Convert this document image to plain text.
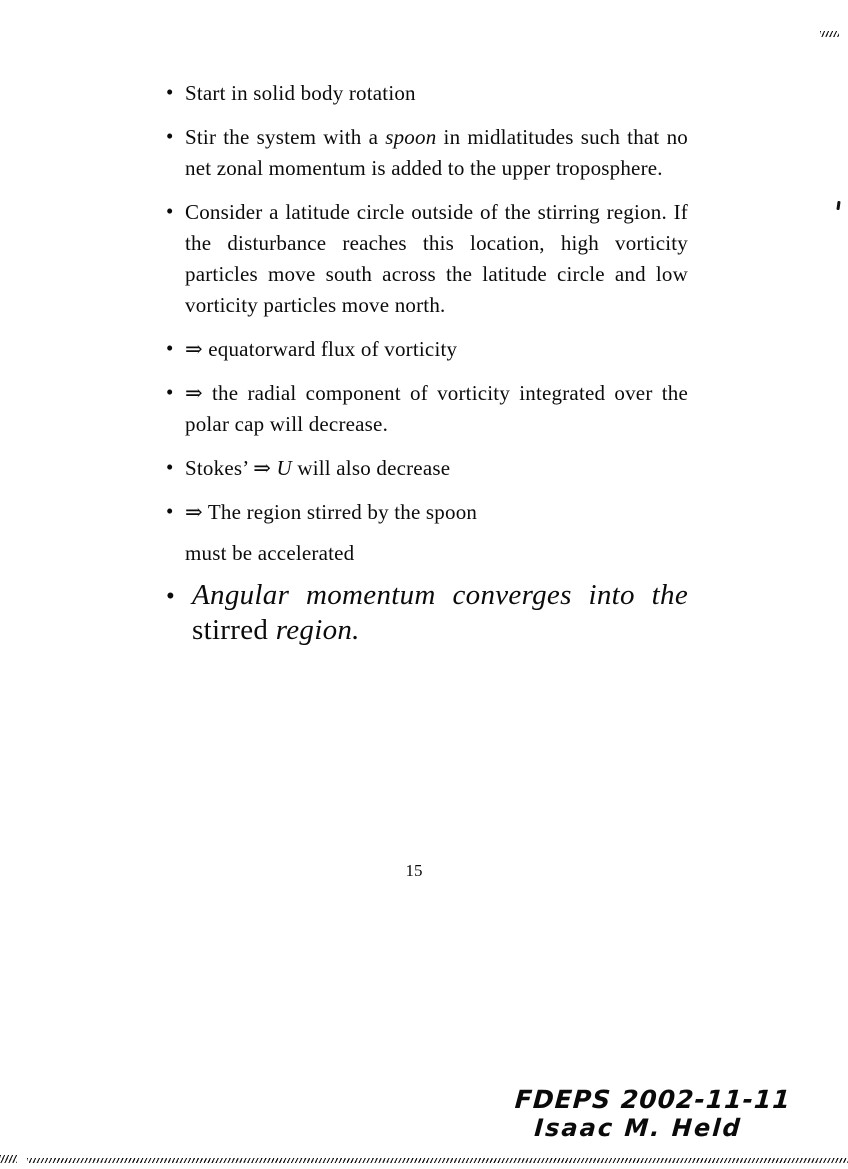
• Start in solid body rotation
• Stir the system with a spoon in midlatitudes such that no net zonal momentum is added to the upper troposphere.
• Consider a latitude circle outside of the stirring region. If the disturbance reaches this location, high vorticity particles move south across the latitude circle and low vorticity particles move north.
• ⇒ equatorward flux of vorticity
• ⇒ the radial component of vorticity integrated over the polar cap will decrease.
• Stokes’ ⇒ U will also decrease
• ⇒ The region stirred by the spoon
must be accelerated
• Angular momentum converges into the stirred region.
15
FDEPS 2002-11-11
Isaac M. Held
